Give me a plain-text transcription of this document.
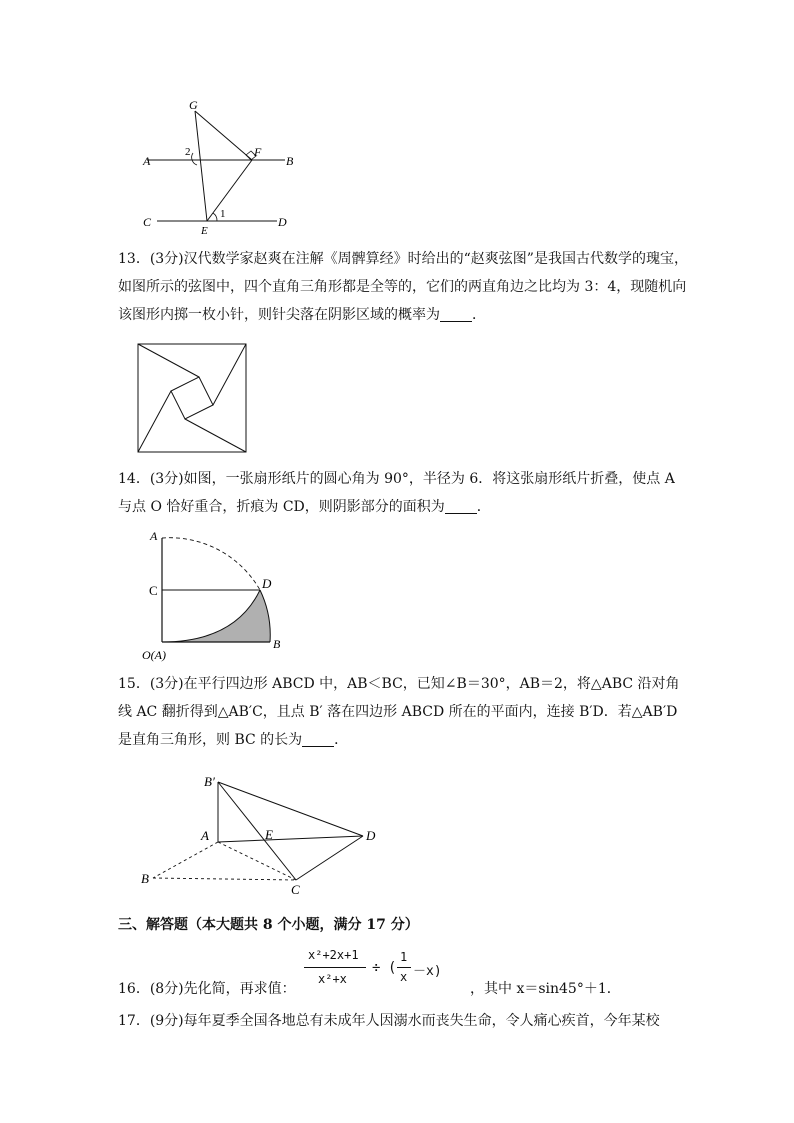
G
A
2	F
B
C
E
1
D
13．(3分)汉代数学家赵爽在注解《周髀算经》时给出的“赵爽弦图”是我国古代数学的瑰宝，如图所示的弦图中，四个直角三角形都是全等的，它们的两直角边之比均为 3：4，现随机向该图形内掷一枚小针，则针尖落在阴影区域的概率为 ．
14．(3分)如图，一张扇形纸片的圆心角为 90°，半径为 6．将这张扇形纸片折叠，使点 A 与点 O 恰好重合，折痕为 CD，则阴影部分的面积为 ．
A
C	D
O(A)
B
15．(3分)在平行四边形 ABCD 中，AB＜BC，已知∠B＝30°，AB＝2，将△ABC 沿对角线 AC 翻折得到△AB′C，且点 B′ 落在四边形 ABCD 所在的平面内，连接 B′D．若△AB′D 是直角三角形，则 BC 的长为 ．
B′
A	E	D
B
C
三、解答题（本大题共 8 个小题，满分 17 分）
16．(8分)先化简，再求值：
x²+2x+1
x²+x
÷ (
1
x －x)
，其中 x＝sin45°＋1．
17．(9分)每年夏季全国各地总有未成年人因溺水而丧失生命，令人痛心疾首，今年某校
